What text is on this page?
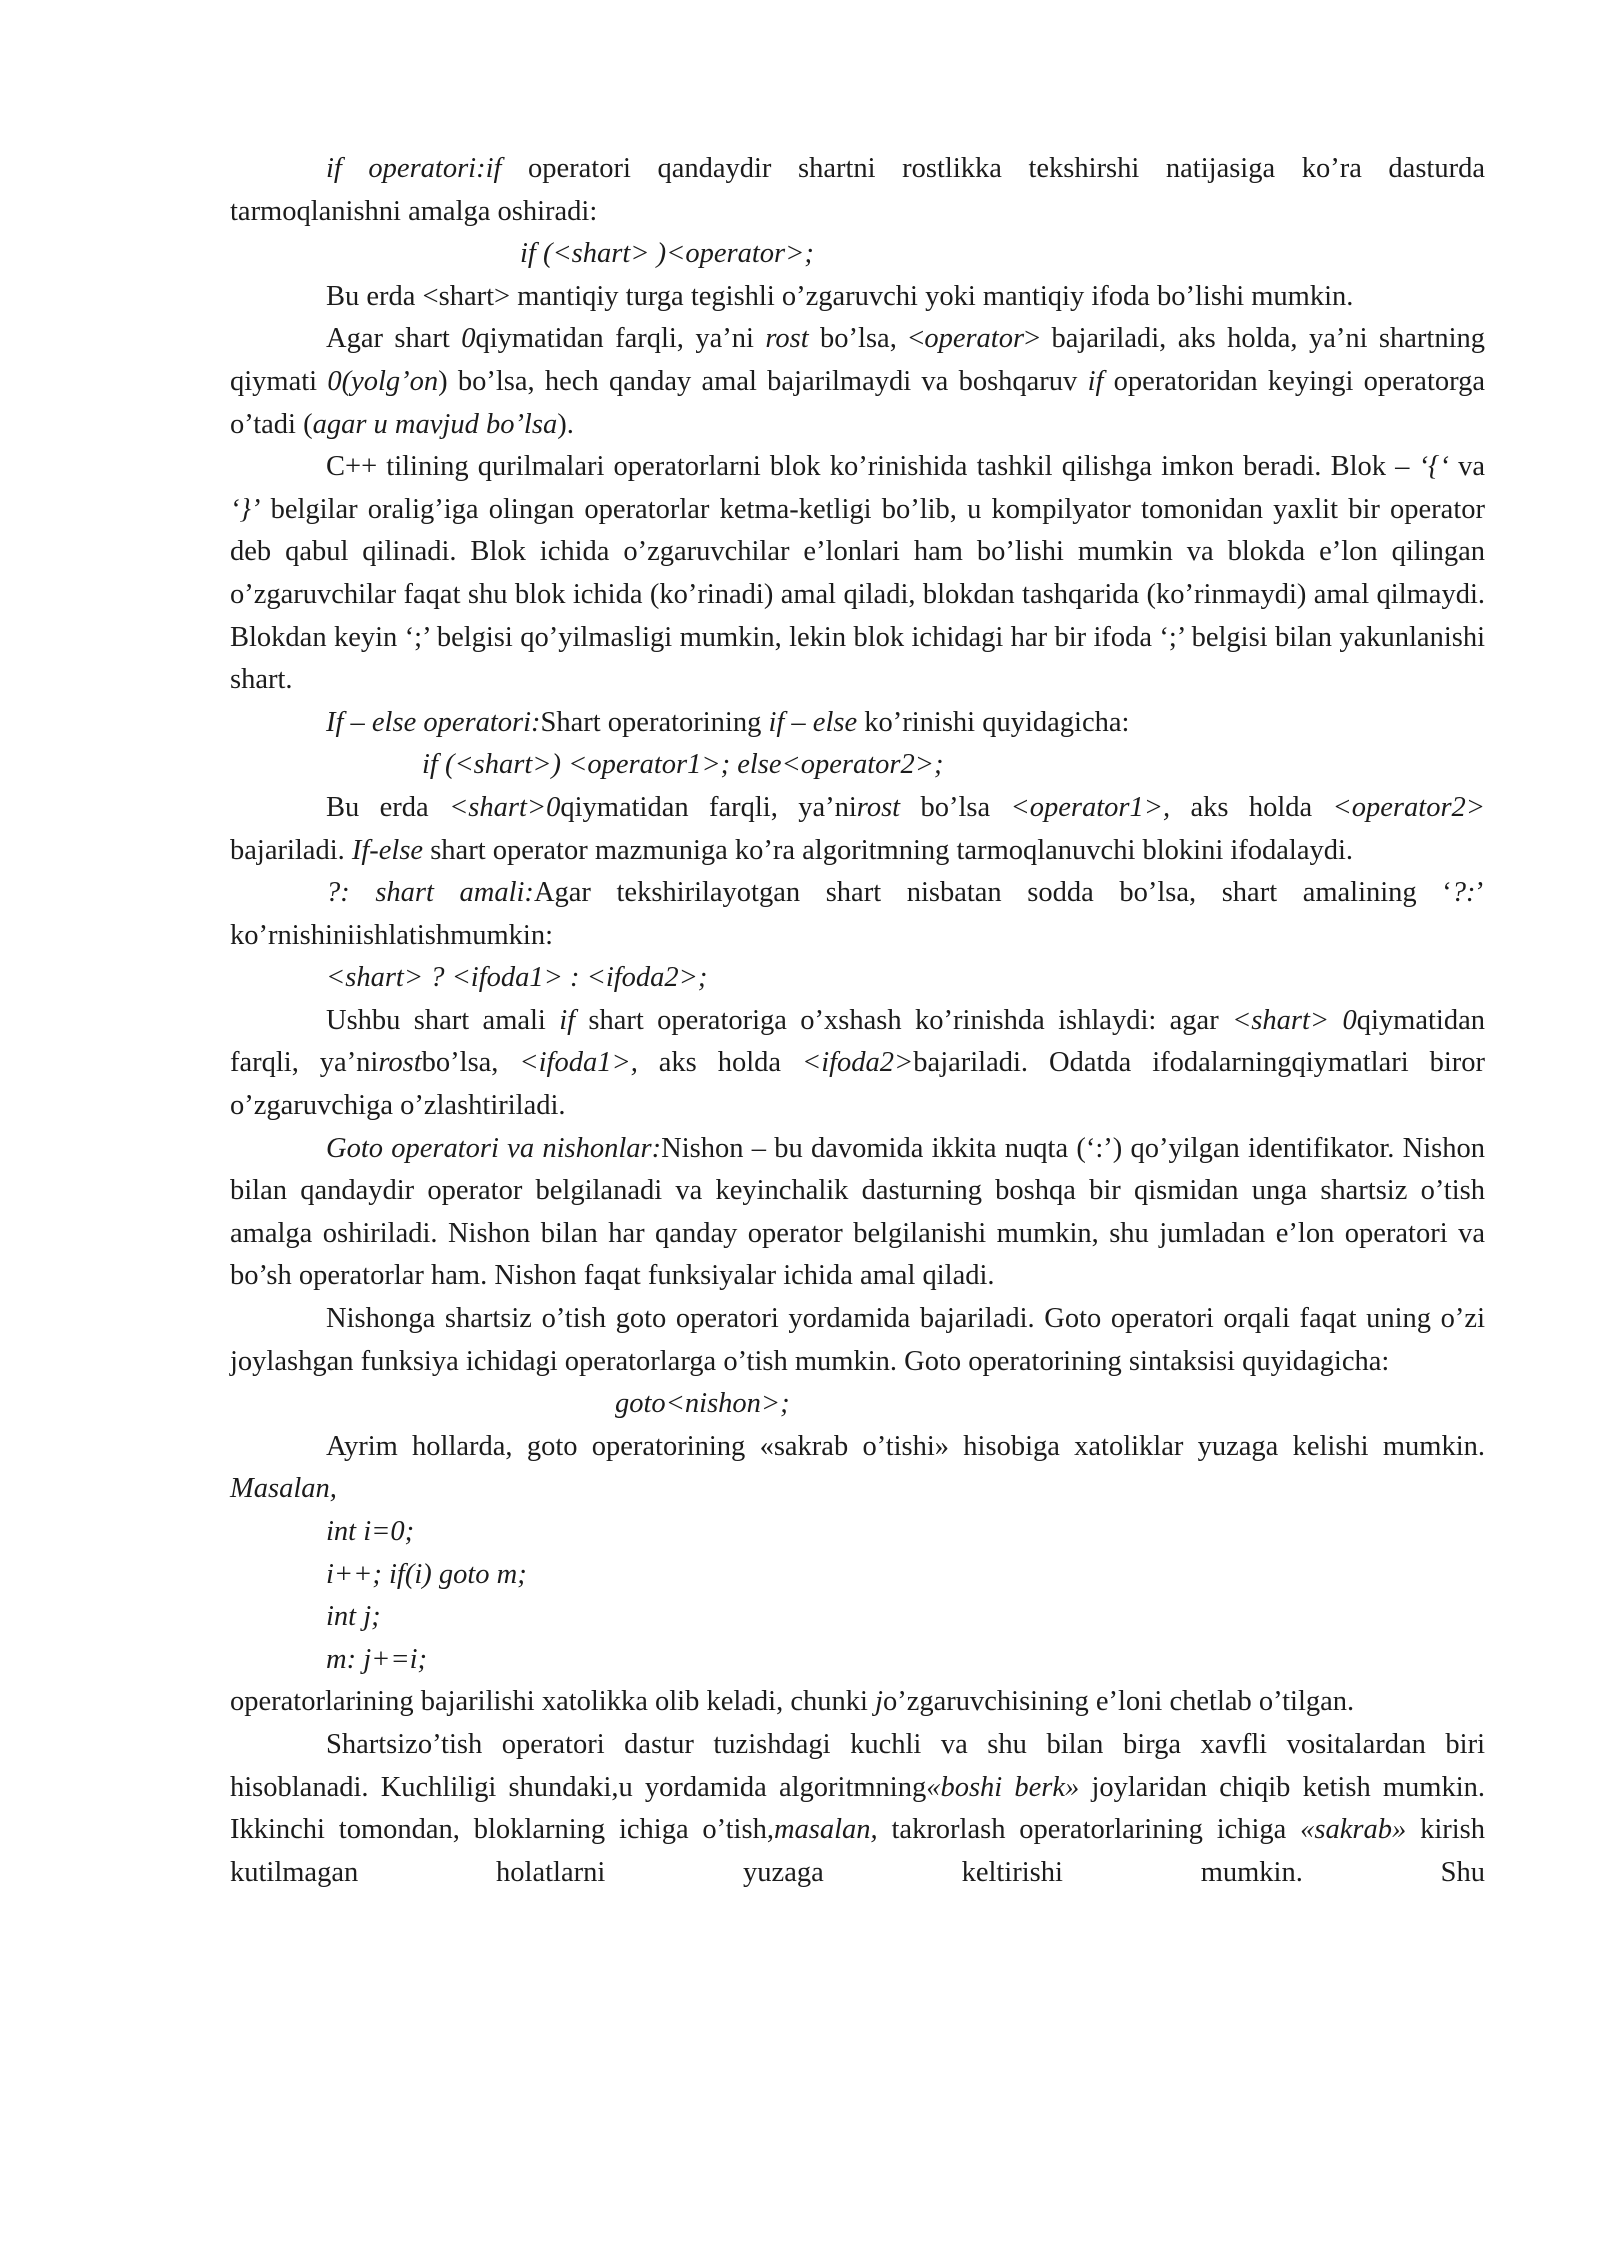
if operatori:if operatori qandaydir shartni rostlikka tekshirshi natijasiga ko’ra dasturda tarmoqlanishni amalga oshiradi:

if (<shart> )<operator>;

Bu erda <shart> mantiqiy turga tegishli o’zgaruvchi yoki mantiqiy ifoda bo’lishi mumkin.

Agar shart 0qiymatidan farqli, ya’ni rost bo’lsa, <operator> bajariladi, aks holda, ya’ni shartning qiymati 0(yolg’on) bo’lsa, hech qanday amal bajarilmaydi va boshqaruv if operatoridan keyingi operatorga o’tadi (agar u mavjud bo’lsa).

C++ tilining qurilmalari operatorlarni blok ko’rinishida tashkil qilishga imkon beradi. Blok – ‘{‘ va ‘}’ belgilar oralig’iga olingan operatorlar ketma-ketligi bo’lib, u kompilyator tomonidan yaxlit bir operator deb qabul qilinadi. Blok ichida o’zgaruvchilar e’lonlari ham bo’lishi mumkin va blokda e’lon qilingan o’zgaruvchilar faqat shu blok ichida (ko’rinadi) amal qiladi, blokdan tashqarida (ko’rinmaydi) amal qilmaydi. Blokdan keyin ‘;’ belgisi qo’yilmasligi mumkin, lekin blok ichidagi har bir ifoda ‘;’ belgisi bilan yakunlanishi shart.

If – else operatori:Shart operatorining if – else ko’rinishi quyidagicha:

if (<shart>) <operator1>; else<operator2>;

Bu erda <shart>0qiymatidan farqli, ya’nirost bo’lsa <operator1>, aks holda <operator2> bajariladi. If-else shart operator mazmuniga ko’ra algoritmning tarmoqlanuvchi blokini ifodalaydi.

?: shart amali:Agar tekshirilayotgan shart nisbatan sodda bo’lsa, shart amalining ‘?:’ ko’rnishiniishlatishmumkin:

<shart> ? <ifoda1> : <ifoda2>;

Ushbu shart amali if shart operatoriga o’xshash ko’rinishda ishlaydi: agar <shart> 0qiymatidan farqli, ya’nirostbo’lsa, <ifoda1>, aks holda <ifoda2>bajariladi. Odatda ifodalarningqiymatlari biror o’zgaruvchiga o’zlashtiriladi.

Goto operatori va nishonlar:Nishon – bu davomida ikkita nuqta (‘:’) qo’yilgan identifikator. Nishon bilan qandaydir operator belgilanadi va keyinchalik dasturning boshqa bir qismidan unga shartsiz o’tish amalga oshiriladi. Nishon bilan har qanday operator belgilanishi mumkin, shu jumladan e’lon operatori va bo’sh operatorlar ham. Nishon faqat funksiyalar ichida amal qiladi.

Nishonga shartsiz o’tish goto operatori yordamida bajariladi. Goto operatori orqali faqat uning o’zi joylashgan funksiya ichidagi operatorlarga o’tish mumkin. Goto operatorining sintaksisi quyidagicha:

goto<nishon>;

Ayrim hollarda, goto operatorining «sakrab o’tishi» hisobiga xatoliklar yuzaga kelishi mumkin. Masalan,

int i=0;
i++; if(i) goto m;
int j;
m: j+=i;

operatorlarining bajarilishi xatolikka olib keladi, chunki jo’zgaruvchisining e’loni chetlab o’tilgan.

Shartsizo’tish operatori dastur tuzishdagi kuchli va shu bilan birga xavfli vositalardan biri hisoblanadi. Kuchliligi shundaki,u yordamida algoritmning«boshi berk» joylaridan chiqib ketish mumkin. Ikkinchi tomondan, bloklarning ichiga o’tish,masalan, takrorlash operatorlarining ichiga «sakrab» kirish kutilmagan holatlarni yuzaga keltirishi mumkin. Shu
